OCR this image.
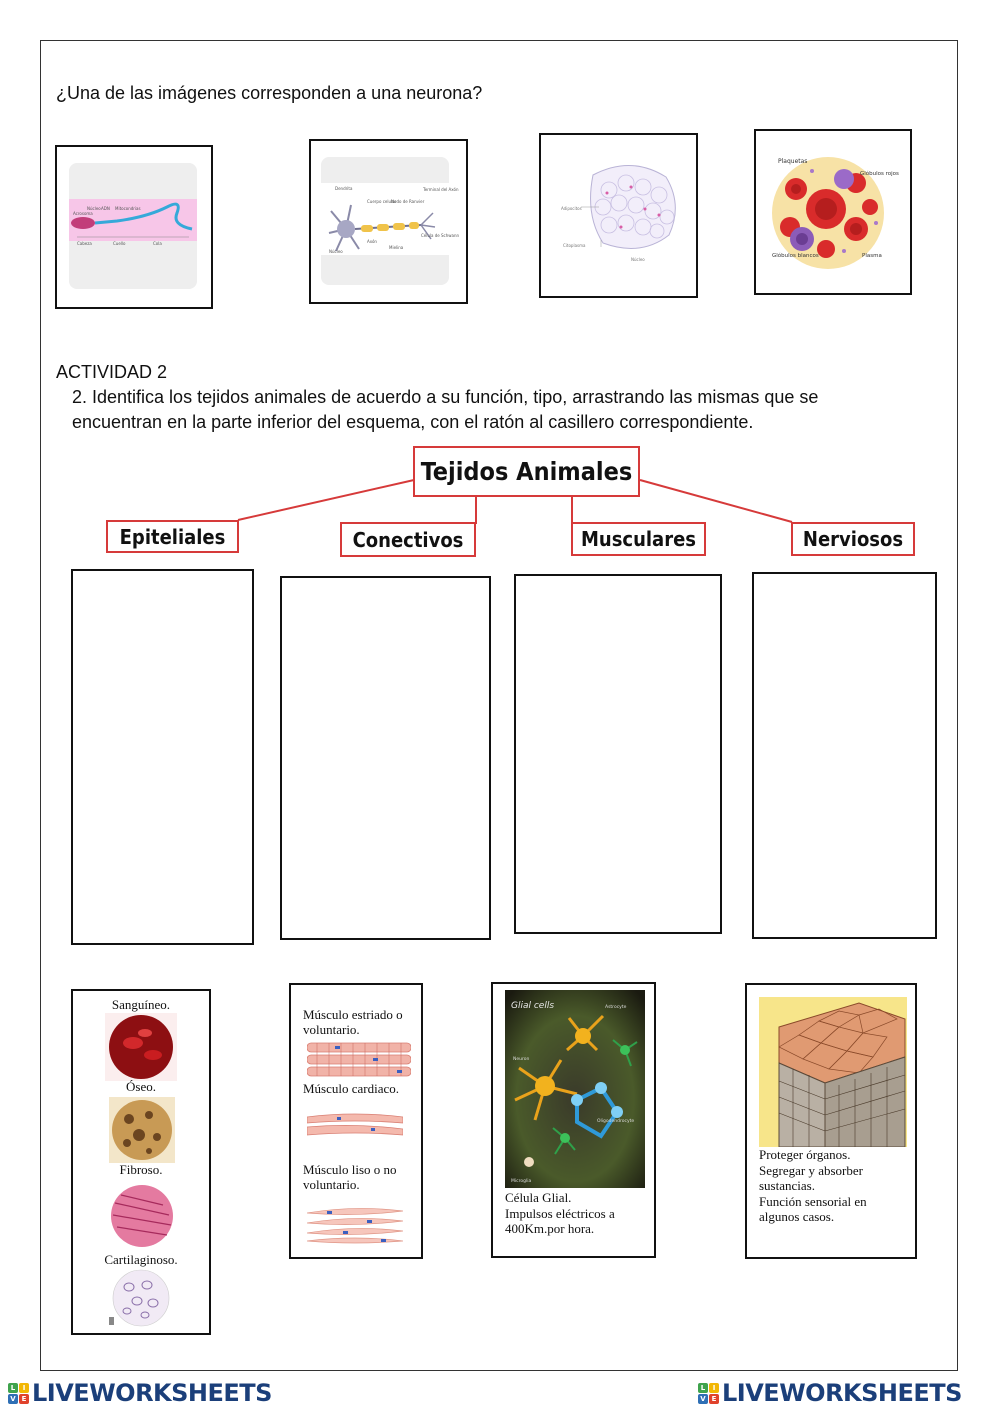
¿Una de las imágenes corresponden a una neurona?
Acrosoma
Núcleo ADN Mitocondrias
Cabeza	Cuello	Cola
Dendrita
Cuerpo celular
Nodo de Ranvier
Terminal del Axón
Axón
Mielina
Célula de Schwann
Núcleo
Adipocitos
Citoplasma
Núcleo
Plaquetas
Glóbulos rojos
Glóbulos blancos	Plasma
ACTIVIDAD 2
2. Identifica los tejidos animales de acuerdo a su función, tipo, arrastrando las mismas que se
encuentran en la parte inferior del esquema, con el ratón al casillero correspondiente.
Tejidos Animales
Epiteliales	Conectivos	Musculares	Nerviosos
Sanguíneo.
Óseo.
Fibroso.
Cartilaginoso.
Músculo estriado o voluntario.
Músculo cardiaco.
Músculo liso o no voluntario.
Glial cells	Astrocyte
Neuron
Oligodendrocyte
Microglia
Célula Glial.
Impulsos eléctricos a
400Km.por hora.
Proteger órganos.
Segregar y absorber
sustancias.
Función sensorial en
algunos casos.
L	I
V E LIVEWORKSHEETS	L	I
V E LIVEWORKSHEETS
